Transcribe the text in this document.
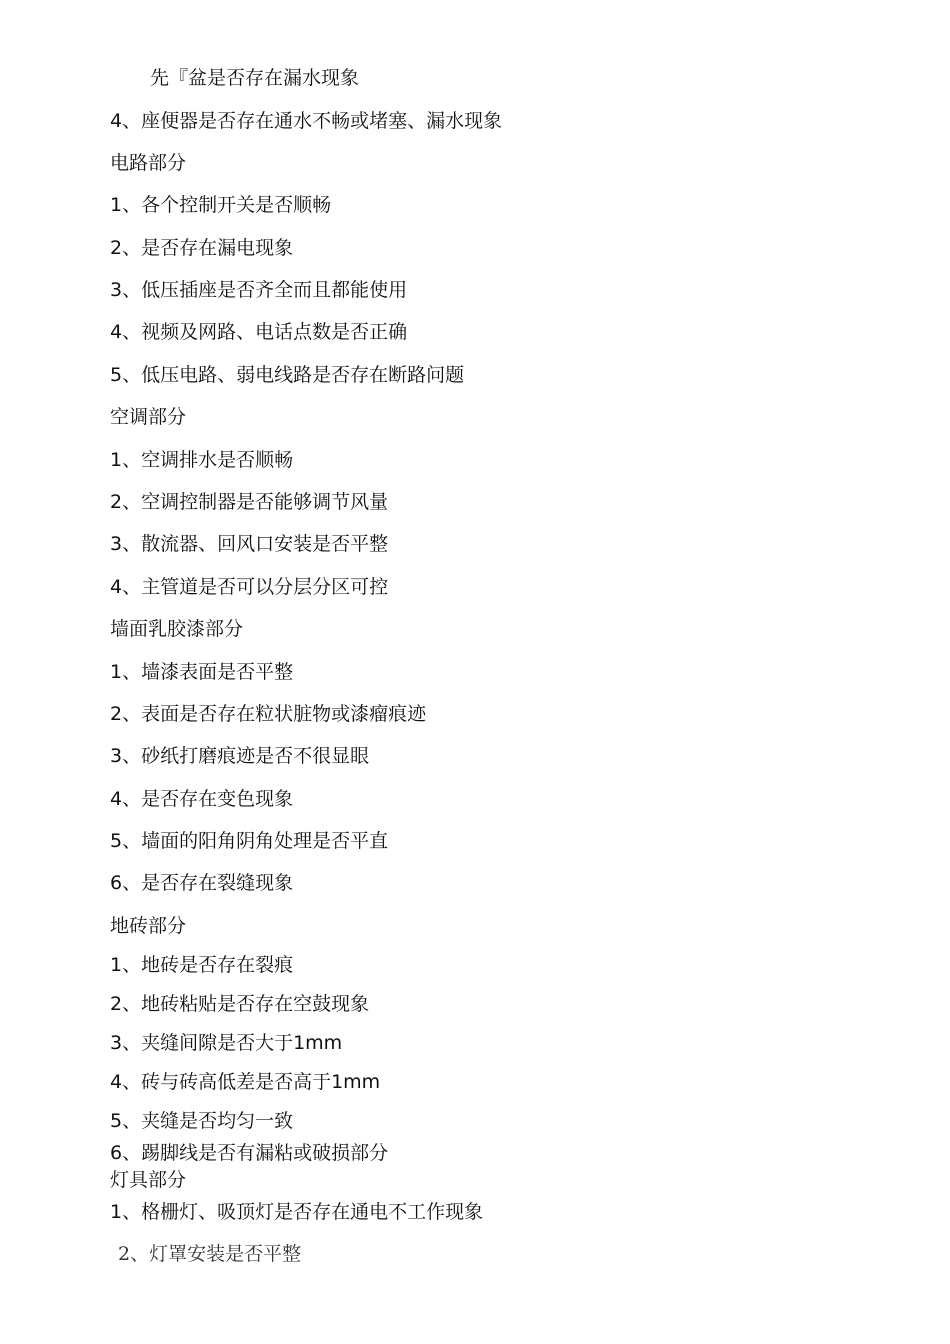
先『盆是否存在漏水现象
4、座便器是否存在通水不畅或堵塞、漏水现象
电路部分
1、各个控制开关是否顺畅
2、是否存在漏电现象
3、低压插座是否齐全而且都能使用
4、视频及网路、电话点数是否正确
5、低压电路、弱电线路是否存在断路问题
空调部分
1、空调排水是否顺畅
2、空调控制器是否能够调节风量
3、散流器、回风口安装是否平整
4、主管道是否可以分层分区可控
墙面乳胶漆部分
1、墙漆表面是否平整
2、表面是否存在粒状脏物或漆瘤痕迹
3、砂纸打磨痕迹是否不很显眼
4、是否存在变色现象
5、墙面的阳角阴角处理是否平直
6、是否存在裂缝现象
地砖部分
1、地砖是否存在裂痕
2、地砖粘贴是否存在空鼓现象
3、夹缝间隙是否大于1mm
4、砖与砖高低差是否高于1mm
5、夹缝是否均匀一致
6、踢脚线是否有漏粘或破损部分
灯具部分
1、格栅灯、吸顶灯是否存在通电不工作现象
2、灯罩安装是否平整
